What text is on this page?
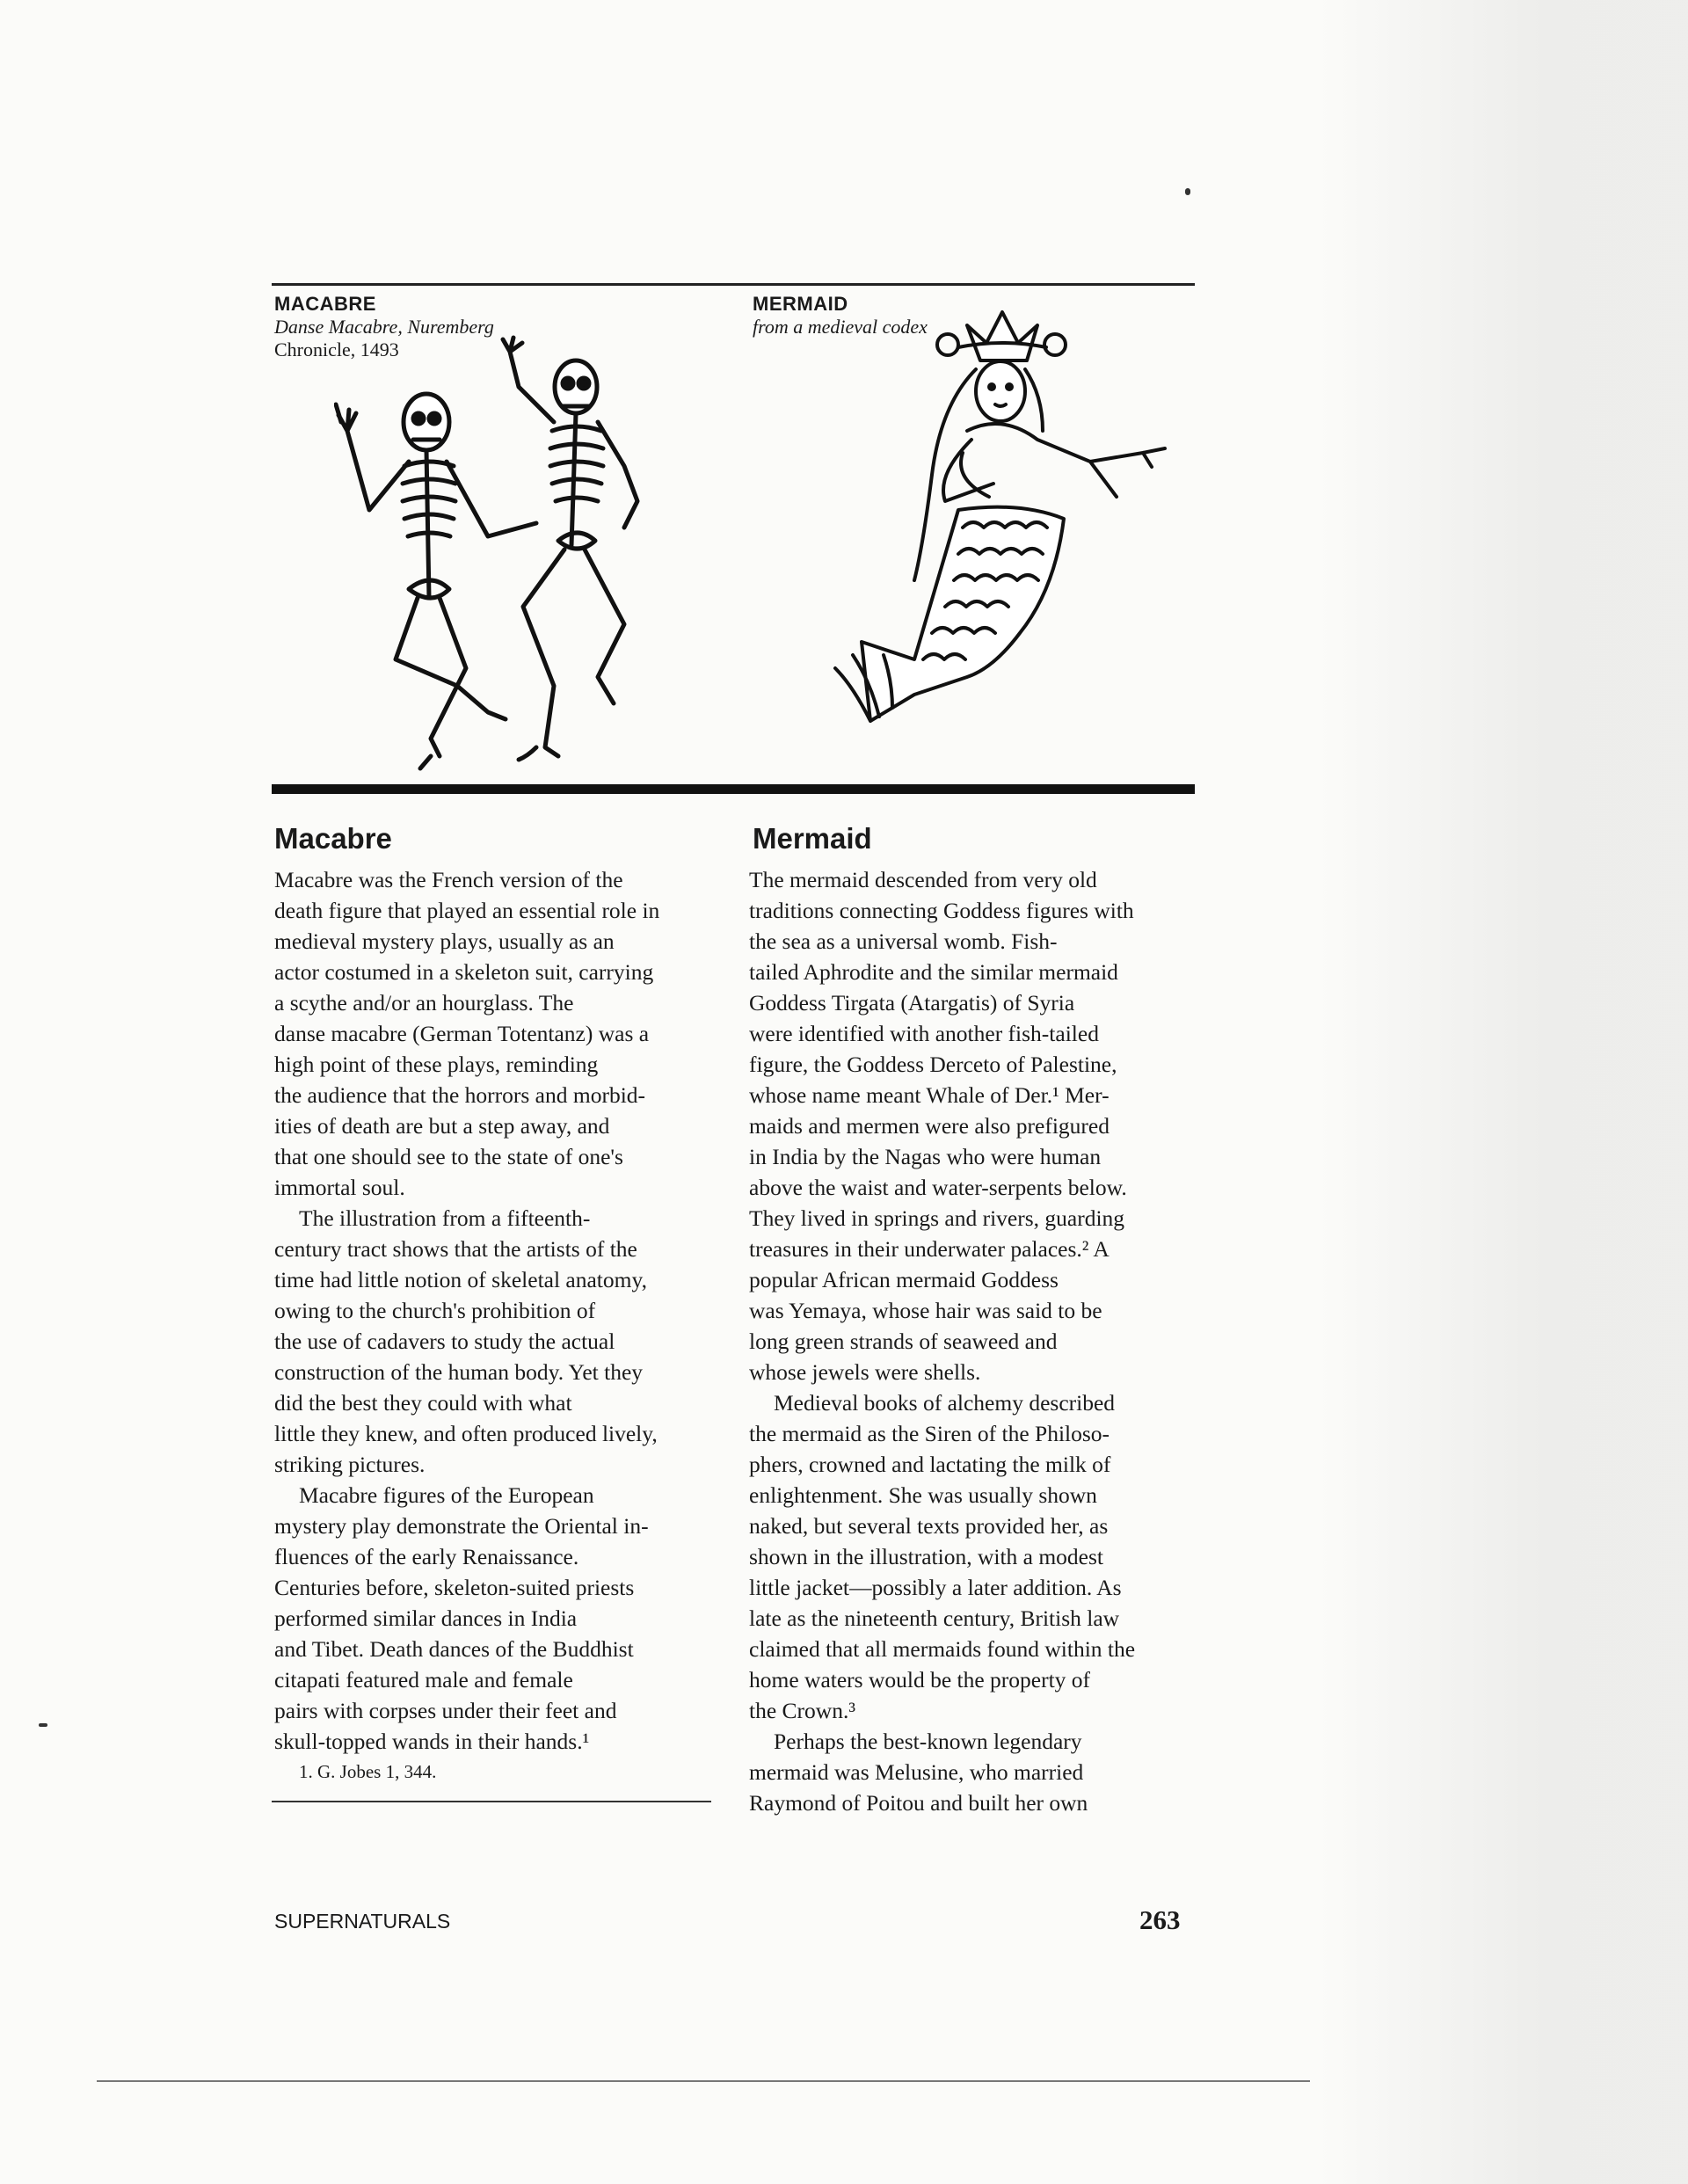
MACABRE
Danse Macabre, Nuremberg
Chronicle, 1493
MERMAID
from a medieval codex
Macabre

Macabre was the French version of the
death figure that played an essential role in
medieval mystery plays, usually as an
actor costumed in a skeleton suit, carrying
a scythe and/or an hourglass. The
danse macabre (German Totentanz) was a
high point of these plays, reminding
the audience that the horrors and morbid-
ities of death are but a step away, and
that one should see to the state of one's
immortal soul.

The illustration from a fifteenth-
century tract shows that the artists of the
time had little notion of skeletal anatomy,
owing to the church's prohibition of
the use of cadavers to study the actual
construction of the human body. Yet they
did the best they could with what
little they knew, and often produced lively,
striking pictures.

Macabre figures of the European
mystery play demonstrate the Oriental in-
fluences of the early Renaissance.
Centuries before, skeleton-suited priests
performed similar dances in India
and Tibet. Death dances of the Buddhist
citapati featured male and female
pairs with corpses under their feet and
skull-topped wands in their hands.¹

1. G. Jobes 1, 344.
Mermaid

The mermaid descended from very old
traditions connecting Goddess figures with
the sea as a universal womb. Fish-
tailed Aphrodite and the similar mermaid
Goddess Tirgata (Atargatis) of Syria
were identified with another fish-tailed
figure, the Goddess Derceto of Palestine,
whose name meant Whale of Der.¹ Mer-
maids and mermen were also prefigured
in India by the Nagas who were human
above the waist and water-serpents below.
They lived in springs and rivers, guarding
treasures in their underwater palaces.² A
popular African mermaid Goddess
was Yemaya, whose hair was said to be
long green strands of seaweed and
whose jewels were shells.

Medieval books of alchemy described
the mermaid as the Siren of the Philoso-
phers, crowned and lactating the milk of
enlightenment. She was usually shown
naked, but several texts provided her, as
shown in the illustration, with a modest
little jacket—possibly a later addition. As
late as the nineteenth century, British law
claimed that all mermaids found within the
home waters would be the property of
the Crown.³

Perhaps the best-known legendary
mermaid was Melusine, who married
Raymond of Poitou and built her own

SUPERNATURALS	263
